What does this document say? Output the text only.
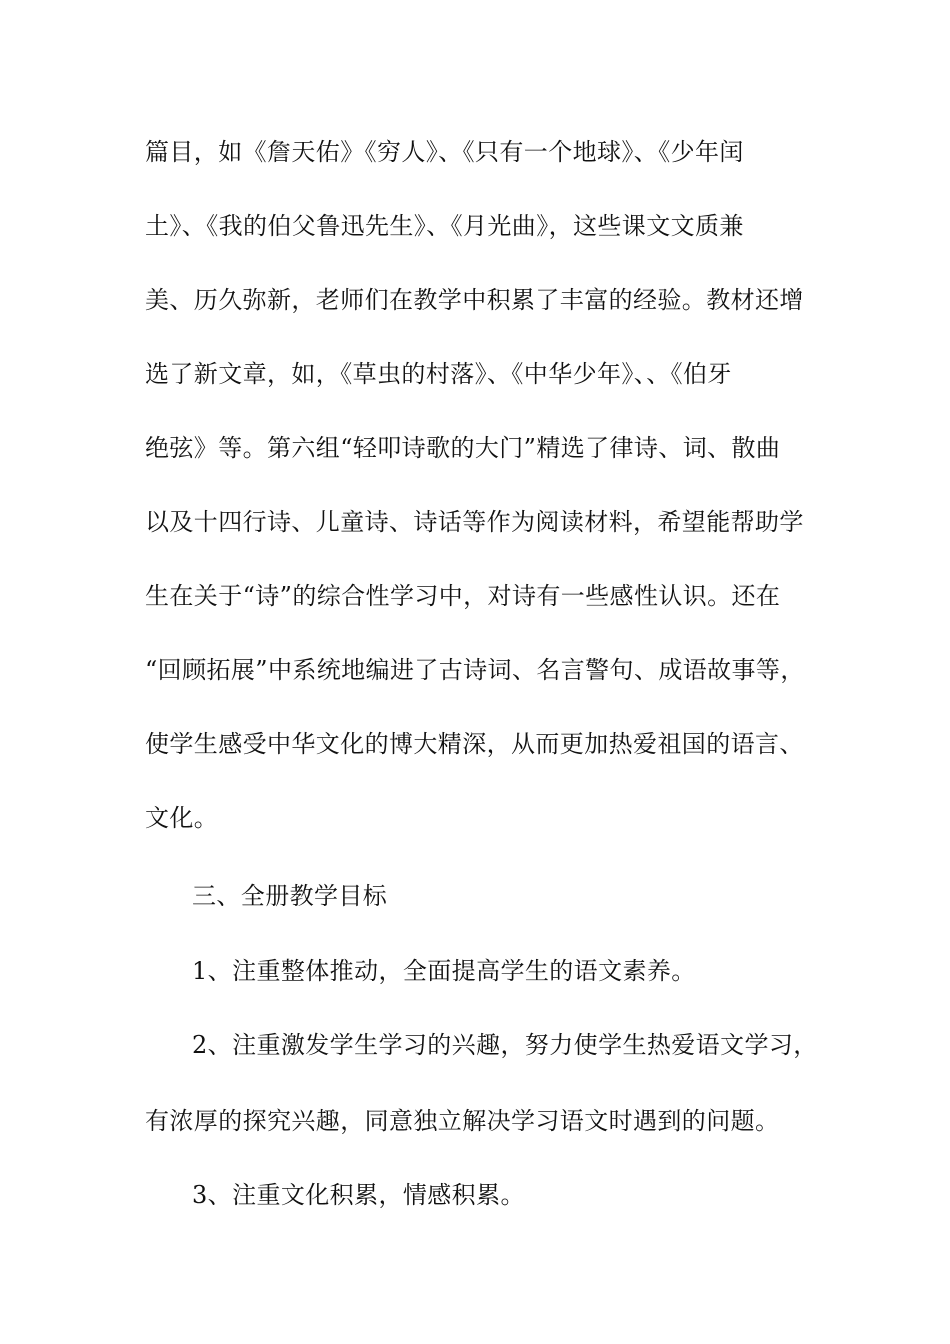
篇目，如《詹天佑》《穷人》、《只有一个地球》、《少年闰
土》、《我的伯父鲁迅先生》、《月光曲》，这些课文文质兼
美、历久弥新，老师们在教学中积累了丰富的经验。教材还增
选了新文章，如，《草虫的村落》、《中华少年》、、《伯牙
绝弦》等。第六组“轻叩诗歌的大门”精选了律诗、词、散曲
以及十四行诗、儿童诗、诗话等作为阅读材料，希望能帮助学
生在关于“诗”的综合性学习中，对诗有一些感性认识。还在
“回顾拓展”中系统地编进了古诗词、名言警句、成语故事等，
使学生感受中华文化的博大精深，从而更加热爱祖国的语言、
文化。
三、全册教学目标
1、注重整体推动，全面提高学生的语文素养。
2、注重激发学生学习的兴趣，努力使学生热爱语文学习，
有浓厚的探究兴趣，同意独立解决学习语文时遇到的问题。
3、注重文化积累，情感积累。
